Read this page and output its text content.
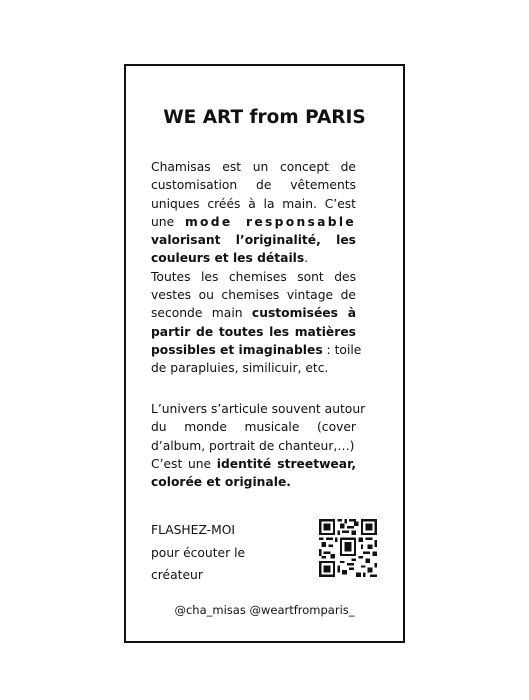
WE ART from PARIS
Chamisas est un concept de
customisation de vêtements
uniques créés à la main. C’est
une mode responsable
valorisant l’originalité, les
couleurs et les détails.
Toutes les chemises sont des
vestes ou chemises vintage de
seconde main customisées à
partir de toutes les matières
possibles et imaginables : toile
de parapluies, similicuir, etc.
L’univers s’articule souvent autour
du monde musicale (cover
d’album, portrait de chanteur,…)
C’est une identité streetwear,
colorée et originale.
FLASHEZ-MOI
pour écouter le
créateur
@cha_misas @weartfromparis_
